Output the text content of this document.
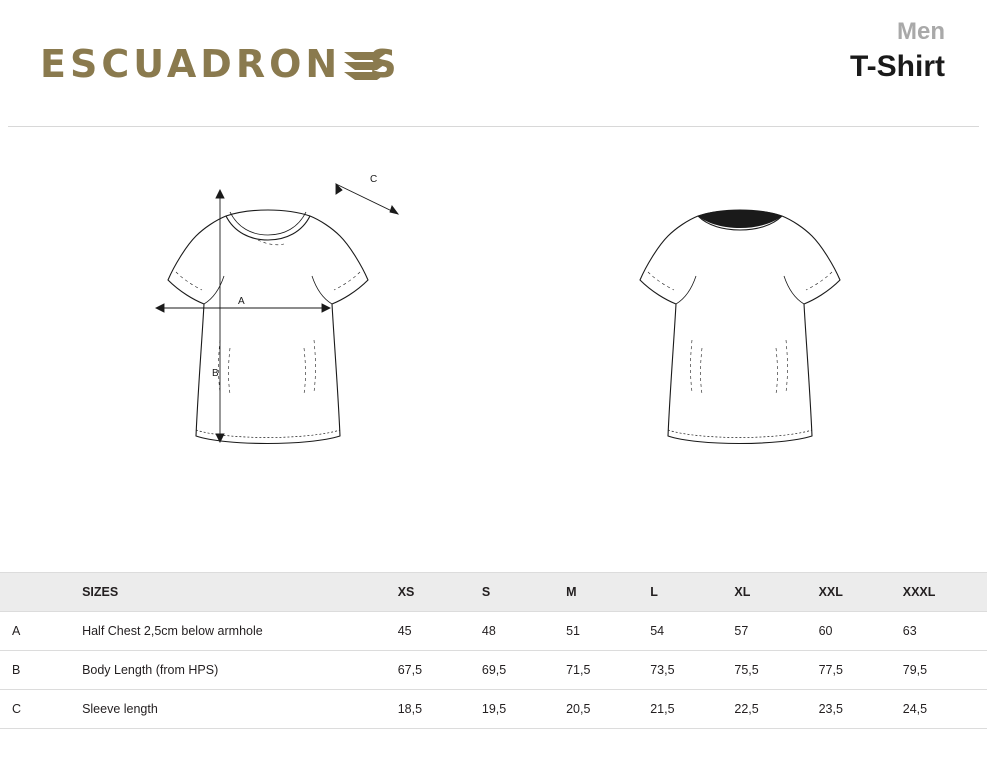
ESCUADRON S
Men
T-Shirt
A
B
C
FRONT	BACK
	SIZES	XS	S	M	L	XL	XXL	XXXL
A	Half Chest 2,5cm below armhole	45	48	51	54	57	60	63
B	Body Length (from HPS)	67,5	69,5	71,5	73,5	75,5	77,5	79,5
C	Sleeve length	18,5	19,5	20,5	21,5	22,5	23,5	24,5
